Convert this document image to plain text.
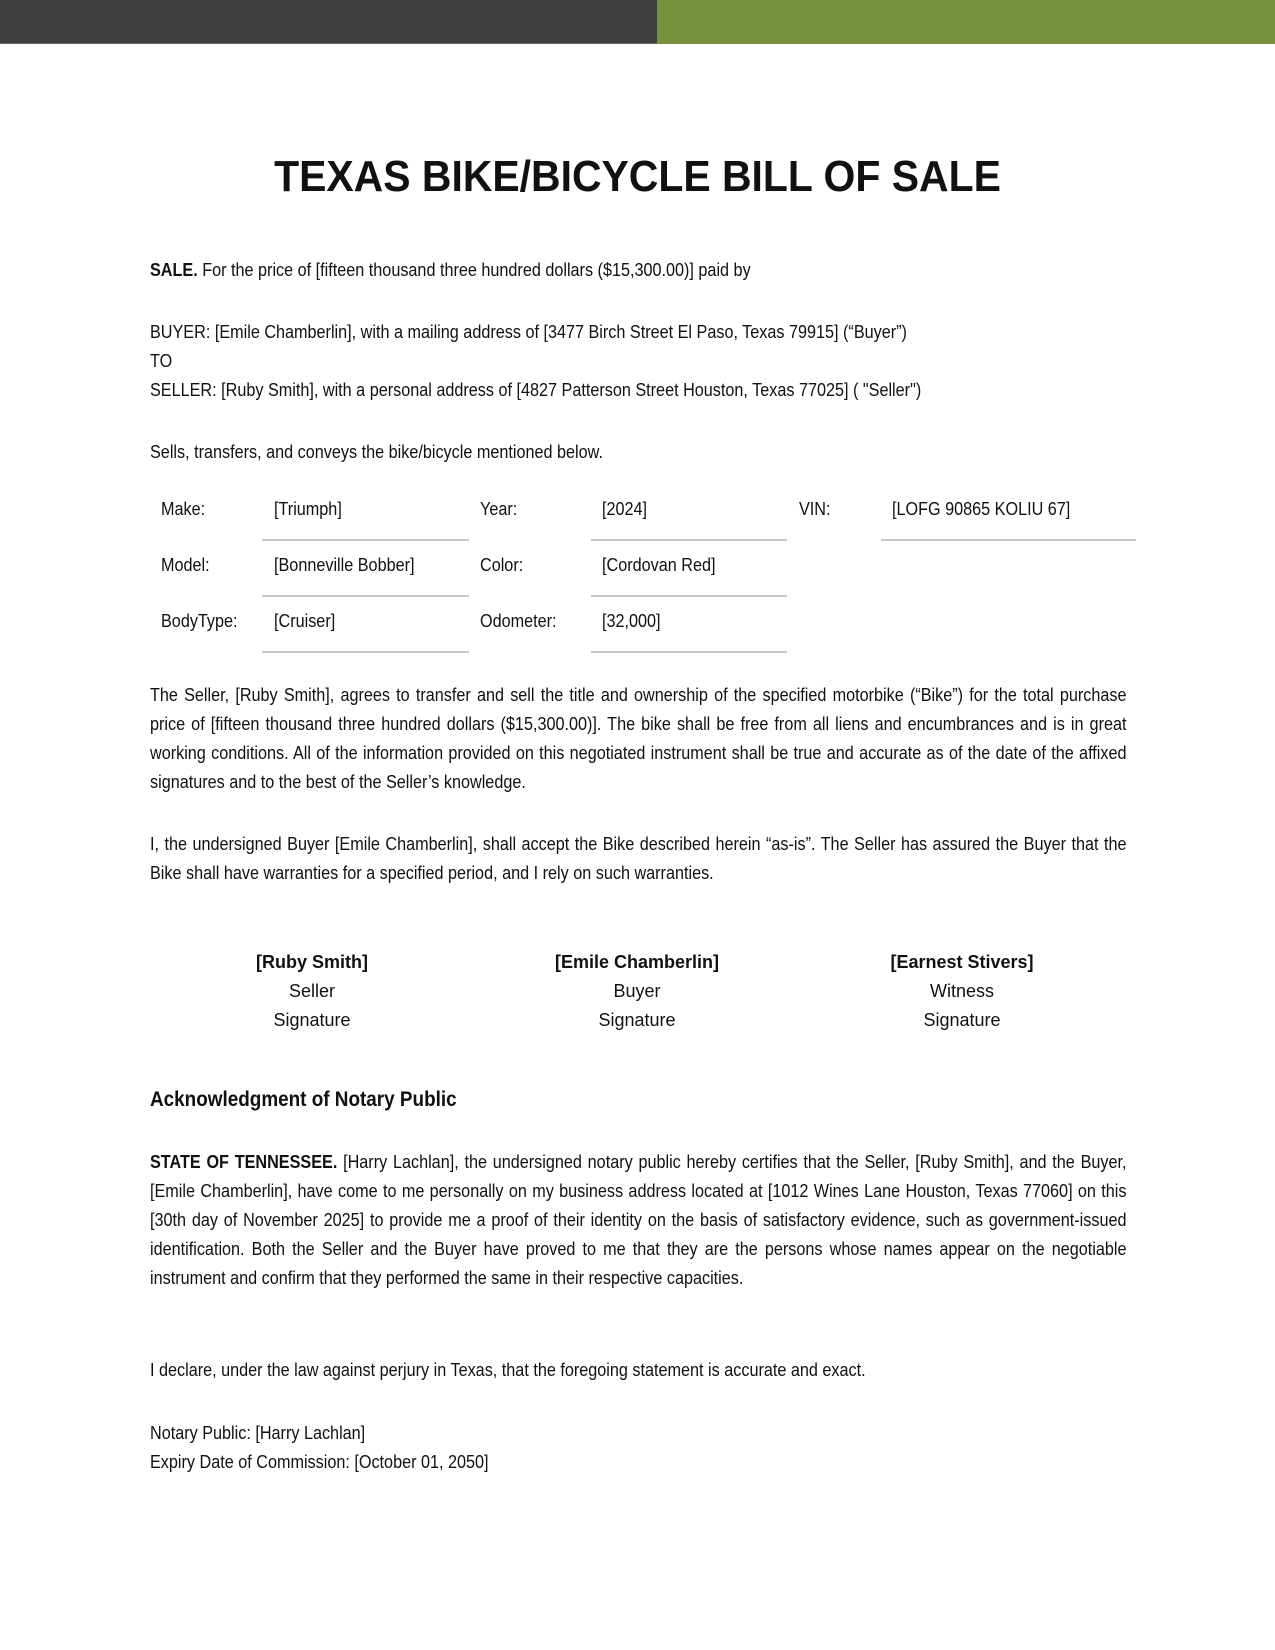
TEXAS BIKE/BICYCLE BILL OF SALE
SALE. For the price of [fifteen thousand three hundred dollars ($15,300.00)] paid by
BUYER: [Emile Chamberlin], with a mailing address of [3477 Birch Street El Paso, Texas 79915] (“Buyer”)
TO
SELLER: [Ruby Smith], with a personal address of [4827 Patterson Street Houston, Texas 77025] ( "Seller")
Sells, transfers, and conveys the bike/bicycle mentioned below.
Make:	[Triumph]	Year:	[2024]	VIN:	[LOFG 90865 KOLIU 67]
Model:	[Bonneville Bobber]	Color:	[Cordovan Red]
BodyType: [Cruiser]	Odometer:	[32,000]
The Seller, [Ruby Smith], agrees to transfer and sell the title and ownership of the specified motorbike (“Bike”) for the total purchase price of [fifteen thousand three hundred dollars ($15,300.00)]. The bike shall be free from all liens and encumbrances and is in great working conditions. All of the information provided on this negotiated instrument shall be true and accurate as of the date of the affixed signatures and to the best of the Seller’s knowledge.
I, the undersigned Buyer [Emile Chamberlin], shall accept the Bike described herein “as-is”. The Seller has assured the Buyer that the Bike shall have warranties for a specified period, and I rely on such warranties.
[Ruby Smith]
Seller
Signature
[Emile Chamberlin]
Buyer
Signature
[Earnest Stivers]
Witness
Signature
Acknowledgment of Notary Public
STATE OF TENNESSEE. [Harry Lachlan], the undersigned notary public hereby certifies that the Seller, [Ruby Smith], and the Buyer, [Emile Chamberlin], have come to me personally on my business address located at [1012 Wines Lane Houston, Texas 77060] on this [30th day of November 2025] to provide me a proof of their identity on the basis of satisfactory evidence, such as government-issued identification. Both the Seller and the Buyer have proved to me that they are the persons whose names appear on the negotiable instrument and confirm that they performed the same in their respective capacities.
I declare, under the law against perjury in Texas, that the foregoing statement is accurate and exact.
Notary Public: [Harry Lachlan]
Expiry Date of Commission: [October 01, 2050]
